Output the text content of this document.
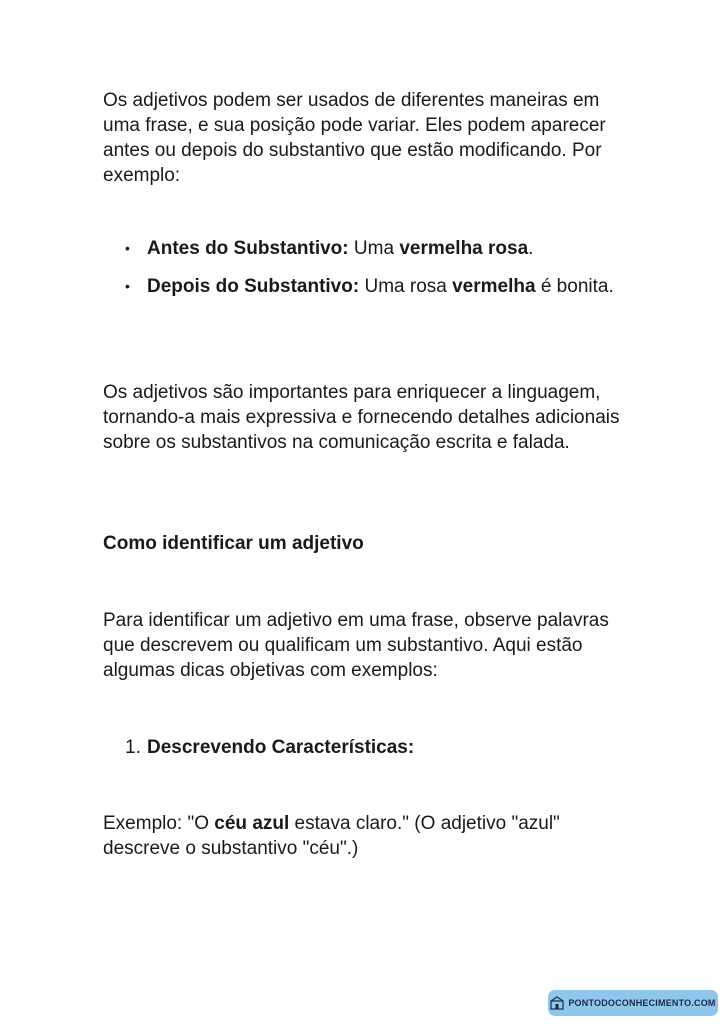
Os adjetivos podem ser usados de diferentes maneiras em uma frase, e sua posição pode variar. Eles podem aparecer antes ou depois do substantivo que estão modificando. Por exemplo:

• Antes do Substantivo: Uma vermelha rosa.
• Depois do Substantivo: Uma rosa vermelha é bonita.

Os adjetivos são importantes para enriquecer a linguagem, tornando-a mais expressiva e fornecendo detalhes adicionais sobre os substantivos na comunicação escrita e falada.

Como identificar um adjetivo

Para identificar um adjetivo em uma frase, observe palavras que descrevem ou qualificam um substantivo. Aqui estão algumas dicas objetivas com exemplos:

1. Descrevendo Características:

Exemplo: "O céu azul estava claro." (O adjetivo "azul" descreve o substantivo "céu".)

PONTODOCONHECIMENTO.COM
